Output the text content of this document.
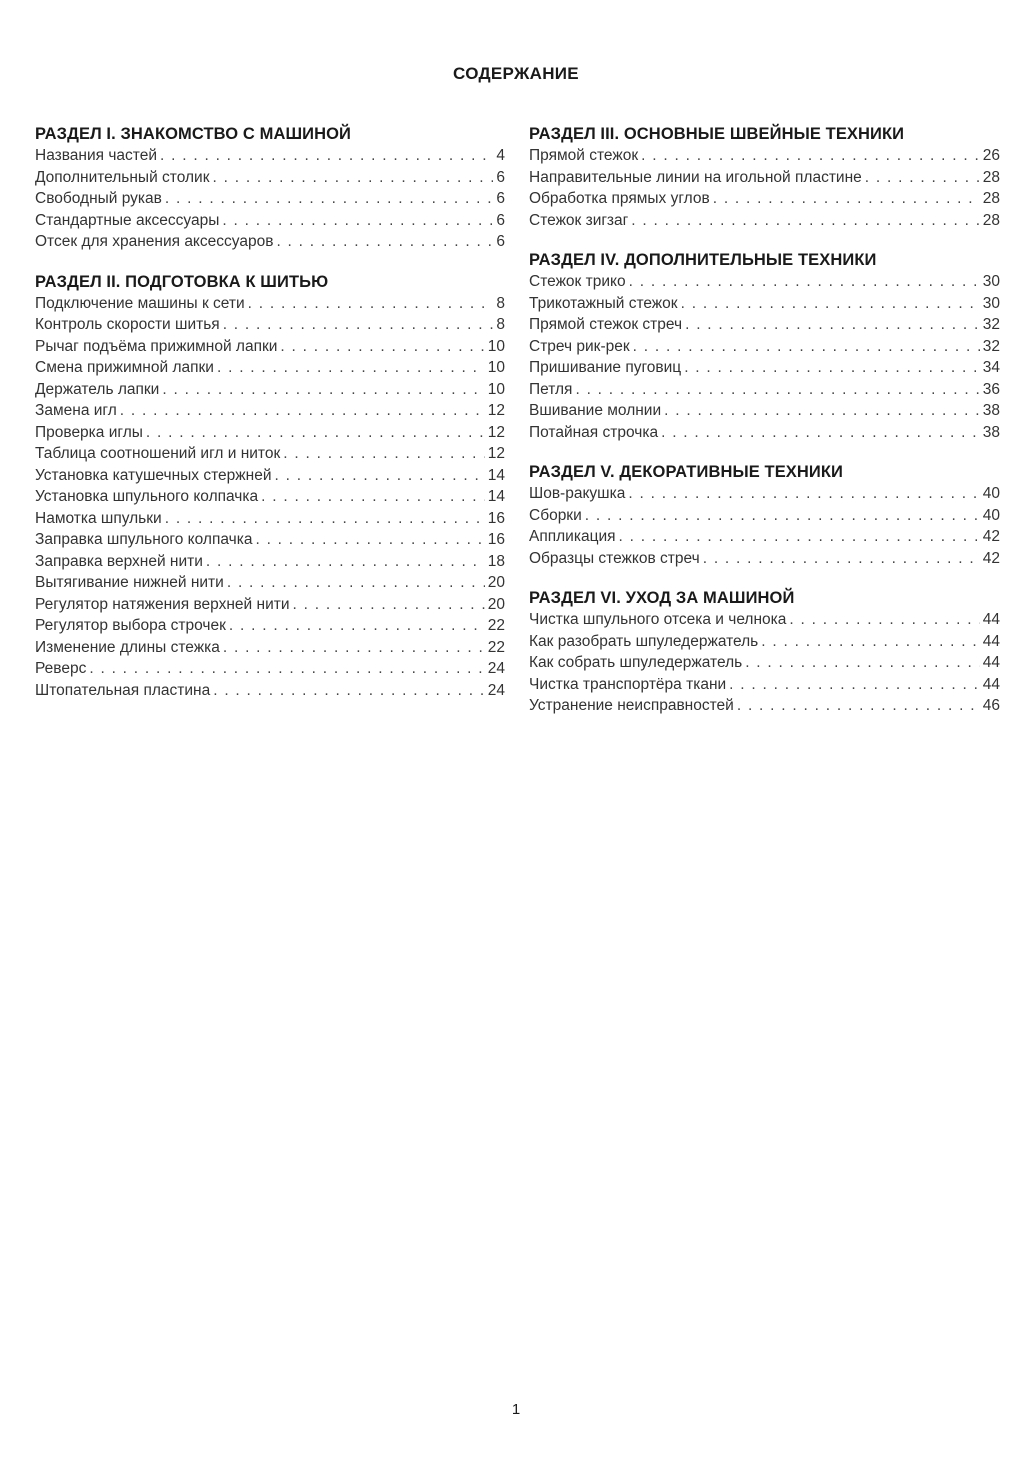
СОДЕРЖАНИЕ
РАЗДЕЛ I. ЗНАКОМСТВО С МАШИНОЙ
Названия частей . . .	4
Дополнительный столик . . .	6
Свободный рукав . . .	6
Стандартные аксессуары . . .	6
Отсек для хранения аксессуаров . . .	6
РАЗДЕЛ II. ПОДГОТОВКА К ШИТЬЮ
Подключение машины к сети . . .	8
Контроль скорости шитья . . .	8
Рычаг подъёма прижимной лапки . . .	10
Смена прижимной лапки . . .	10
Держатель лапки . . .	10
Замена игл . . .	12
Проверка иглы . . .	12
Таблица соотношений игл и ниток . . .	12
Установка катушечных стержней . . .	14
Установка шпульного колпачка . . .	14
Намотка шпульки . . .	16
Заправка шпульного колпачка . . .	16
Заправка верхней нити . . .	18
Вытягивание нижней нити . . .	20
Регулятор натяжения верхней нити . . .	20
Регулятор выбора строчек . . .	22
Изменение длины стежка . . .	22
Реверс . . .	24
Штопательная пластина . . .	24
РАЗДЕЛ III. ОСНОВНЫЕ ШВЕЙНЫЕ ТЕХНИКИ
Прямой стежок . . .	26
Направительные линии на игольной пластине . . .	28
Обработка прямых углов . . .	28
Стежок зигзаг . . .	28
РАЗДЕЛ IV. ДОПОЛНИТЕЛЬНЫЕ ТЕХНИКИ
Стежок трико . . .	30
Трикотажный стежок . . .	30
Прямой стежок стреч . . .	32
Стреч рик-рек . . .	32
Пришивание пуговиц . . .	34
Петля . . .	36
Вшивание молнии . . .	38
Потайная строчка . . .	38
РАЗДЕЛ V. ДЕКОРАТИВНЫЕ ТЕХНИКИ
Шов-ракушка . . .	40
Сборки . . .	40
Аппликация . . .	42
Образцы стежков стреч . . .	42
РАЗДЕЛ VI. УХОД ЗА МАШИНОЙ
Чистка шпульного отсека и челнока . . .	44
Как разобрать шпуледержатель . . .	44
Как собрать шпуледержатель . . .	44
Чистка транспортёра ткани . . .	44
Устранение неисправностей . . .	46
1
